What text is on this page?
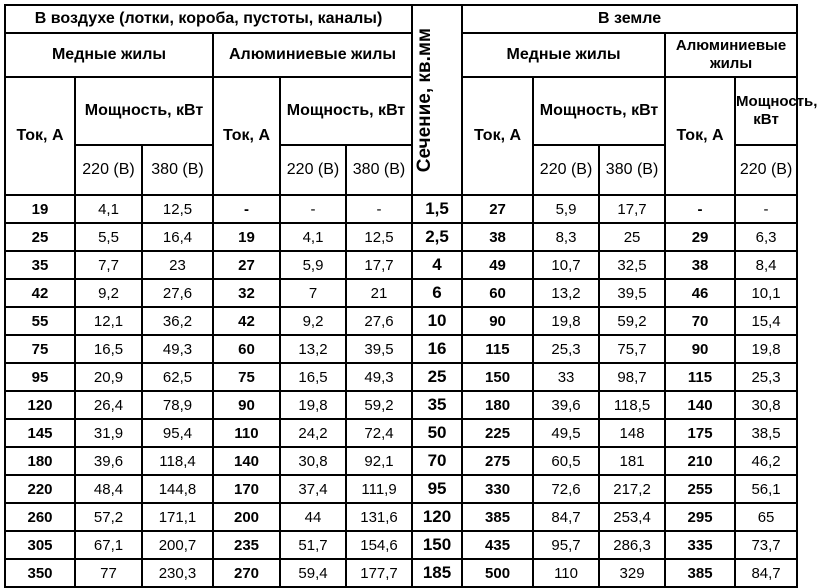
В воздухе (лотки, короба, пустоты, каналы)						Сечение, кв.мм	В земле				
Медные жилы			Алюминиевые жилы				Медные жилы			Алюминиевые жилы	
Ток, А	Мощность, кВт		Ток, А	Мощность, кВт			Ток, А	Мощность, кВт		Ток, А	Мощность, кВт
	220 (В)	380 (В)		220 (В)	380 (В)			220 (В)	380 (В)		220 (В)
19	4,1	12,5	-	-	-	1,5	27	5,9	17,7	-	-
25	5,5	16,4	19	4,1	12,5	2,5	38	8,3	25	29	6,3
35	7,7	23	27	5,9	17,7	4	49	10,7	32,5	38	8,4
42	9,2	27,6	32	7	21	6	60	13,2	39,5	46	10,1
55	12,1	36,2	42	9,2	27,6	10	90	19,8	59,2	70	15,4
75	16,5	49,3	60	13,2	39,5	16	115	25,3	75,7	90	19,8
95	20,9	62,5	75	16,5	49,3	25	150	33	98,7	115	25,3
120	26,4	78,9	90	19,8	59,2	35	180	39,6	118,5	140	30,8
145	31,9	95,4	110	24,2	72,4	50	225	49,5	148	175	38,5
180	39,6	118,4	140	30,8	92,1	70	275	60,5	181	210	46,2
220	48,4	144,8	170	37,4	111,9	95	330	72,6	217,2	255	56,1
260	57,2	171,1	200	44	131,6	120	385	84,7	253,4	295	65
305	67,1	200,7	235	51,7	154,6	150	435	95,7	286,3	335	73,7
350	77	230,3	270	59,4	177,7	185	500	110	329	385	84,7
